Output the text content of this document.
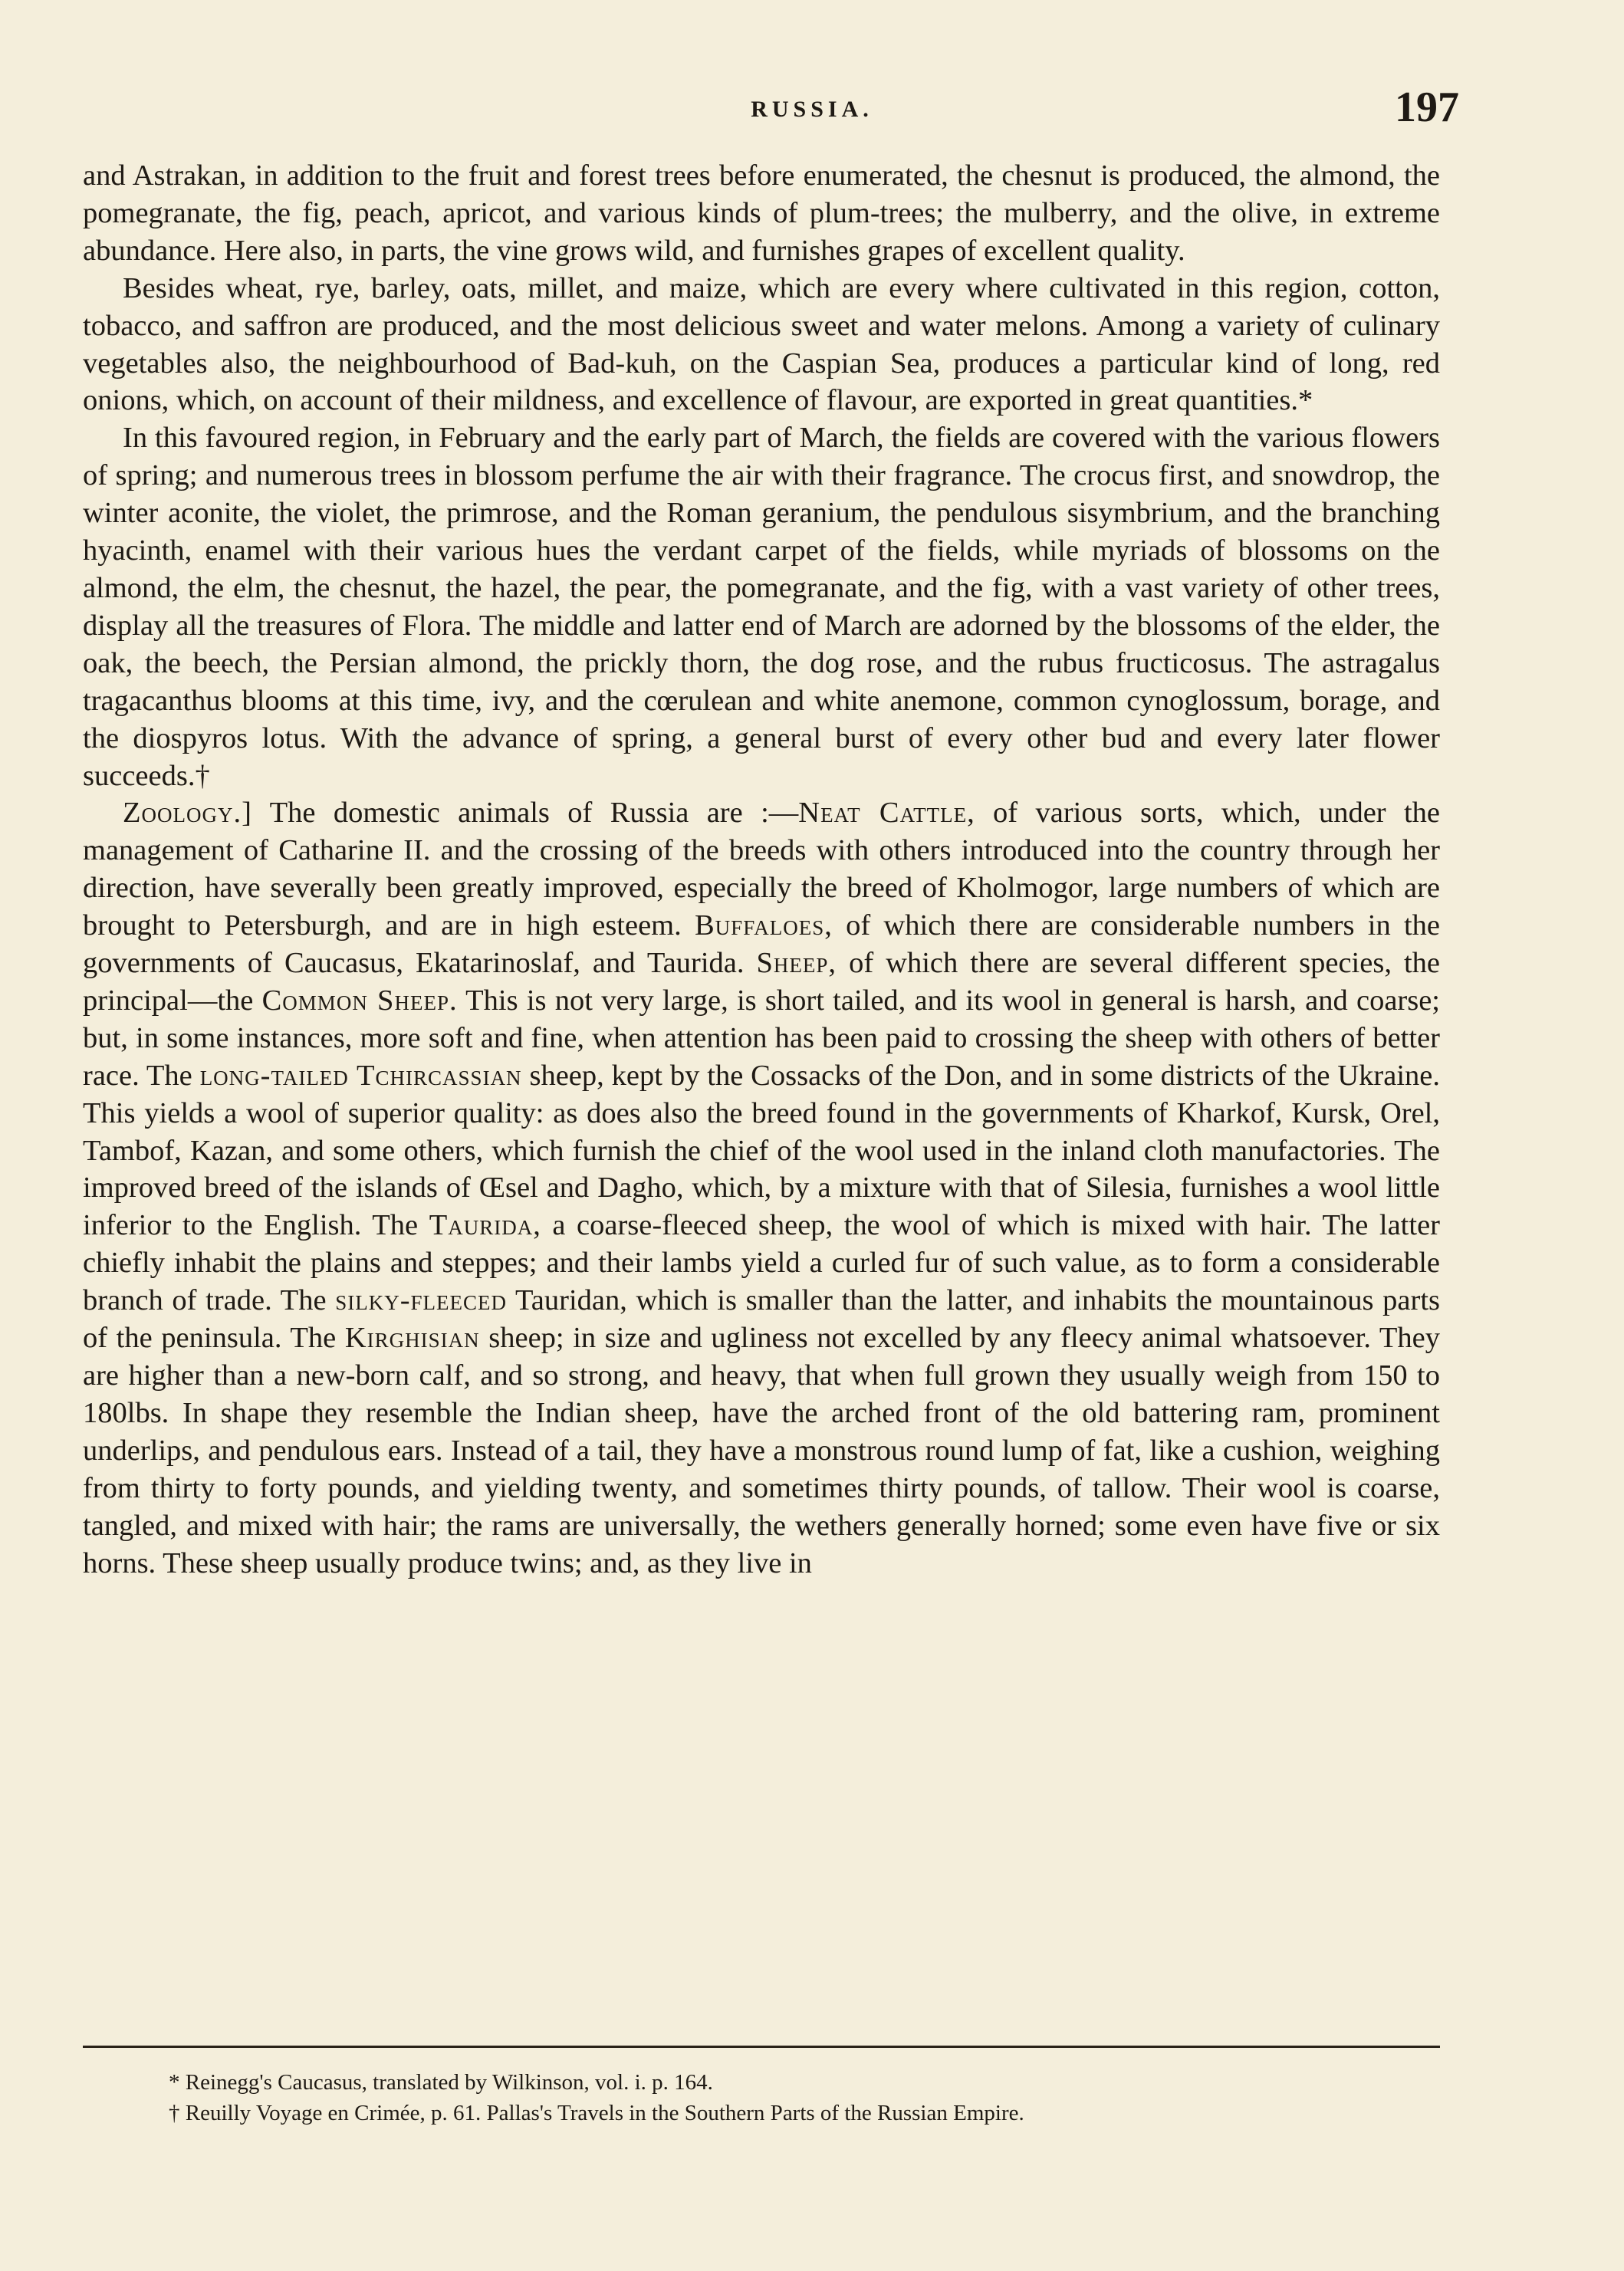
RUSSIA.	197

and Astrakan, in addition to the fruit and forest trees before enumerated, the chesnut is produced, the almond, the pomegranate, the fig, peach, apricot, and various kinds of plum-trees; the mulberry, and the olive, in extreme abundance. Here also, in parts, the vine grows wild, and furnishes grapes of excellent quality.

Besides wheat, rye, barley, oats, millet, and maize, which are every where cultivated in this region, cotton, tobacco, and saffron are produced, and the most delicious sweet and water melons. Among a variety of culinary vegetables also, the neighbourhood of Bad-kuh, on the Caspian Sea, produces a particular kind of long, red onions, which, on account of their mildness, and excellence of flavour, are exported in great quantities.*

In this favoured region, in February and the early part of March, the fields are covered with the various flowers of spring; and numerous trees in blossom perfume the air with their fragrance. The crocus first, and snowdrop, the winter aconite, the violet, the primrose, and the Roman geranium, the pendulous sisymbrium, and the branching hyacinth, enamel with their various hues the verdant carpet of the fields, while myriads of blossoms on the almond, the elm, the chesnut, the hazel, the pear, the pomegranate, and the fig, with a vast variety of other trees, display all the treasures of Flora. The middle and latter end of March are adorned by the blossoms of the elder, the oak, the beech, the Persian almond, the prickly thorn, the dog rose, and the rubus fructicosus. The astragalus tragacanthus blooms at this time, ivy, and the cœrulean and white anemone, common cynoglossum, borage, and the diospyros lotus. With the advance of spring, a general burst of every other bud and every later flower succeeds.†

Zoology.] The domestic animals of Russia are :—Neat Cattle, of various sorts, which, under the management of Catharine II. and the crossing of the breeds with others introduced into the country through her direction, have severally been greatly improved, especially the breed of Kholmogor, large numbers of which are brought to Petersburgh, and are in high esteem. Buffaloes, of which there are considerable numbers in the governments of Caucasus, Ekatarinoslaf, and Taurida. Sheep, of which there are several different species, the principal—the Common Sheep. This is not very large, is short tailed, and its wool in general is harsh, and coarse; but, in some instances, more soft and fine, when attention has been paid to crossing the sheep with others of better race. The long-tailed Tchircassian sheep, kept by the Cossacks of the Don, and in some districts of the Ukraine. This yields a wool of superior quality: as does also the breed found in the governments of Kharkof, Kursk, Orel, Tambof, Kazan, and some others, which furnish the chief of the wool used in the inland cloth manufactories. The improved breed of the islands of Œsel and Dagho, which, by a mixture with that of Silesia, furnishes a wool little inferior to the English. The Taurida, a coarse-fleeced sheep, the wool of which is mixed with hair. The latter chiefly inhabit the plains and steppes; and their lambs yield a curled fur of such value, as to form a considerable branch of trade. The silky-fleeced Tauridan, which is smaller than the latter, and inhabits the mountainous parts of the peninsula. The Kirghisian sheep; in size and ugliness not excelled by any fleecy animal whatsoever. They are higher than a new-born calf, and so strong, and heavy, that when full grown they usually weigh from 150 to 180lbs. In shape they resemble the Indian sheep, have the arched front of the old battering ram, prominent underlips, and pendulous ears. Instead of a tail, they have a monstrous round lump of fat, like a cushion, weighing from thirty to forty pounds, and yielding twenty, and sometimes thirty pounds, of tallow. Their wool is coarse, tangled, and mixed with hair; the rams are universally, the wethers generally horned; some even have five or six horns. These sheep usually produce twins; and, as they live in

* Reinegg's Caucasus, translated by Wilkinson, vol. i. p. 164.

† Reuilly Voyage en Crimée, p. 61. Pallas's Travels in the Southern Parts of the Russian Empire.
